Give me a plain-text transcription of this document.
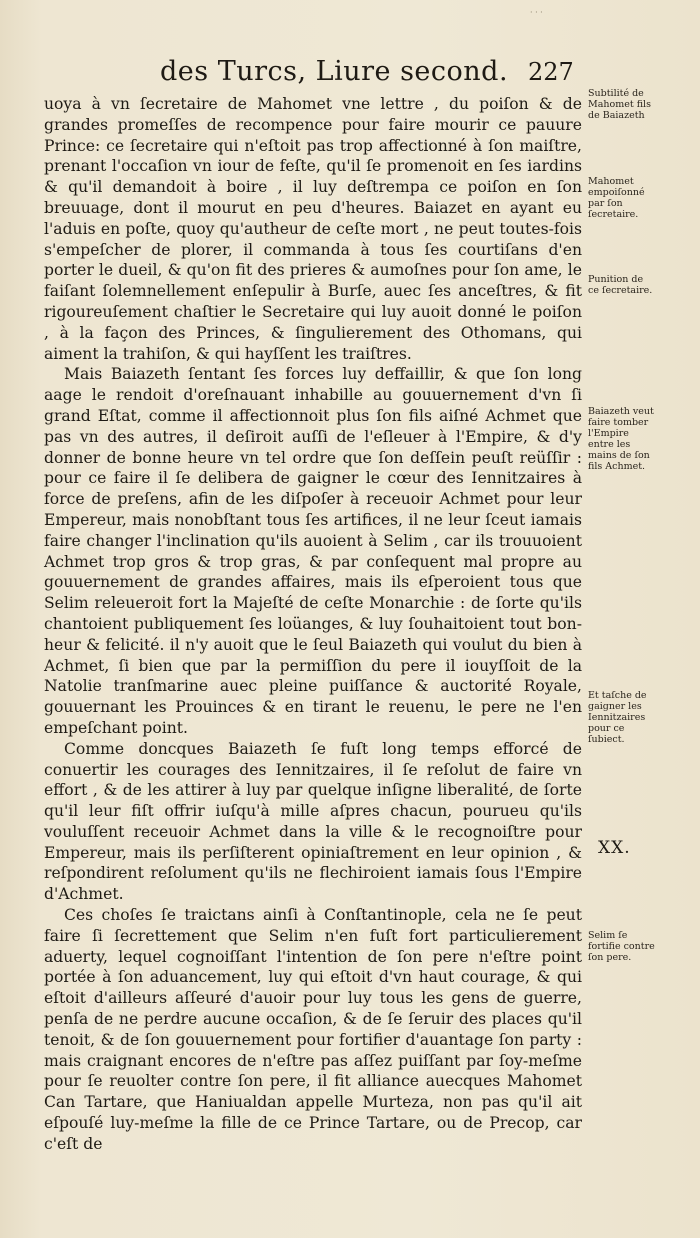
· · ·
des Turcs, Liure second. 227

uoya à vn ſecretaire de Mahomet vne lettre , du poiſon & de grandes promeſſes de recompence pour faire mourir ce pauure Prince: ce ſecretaire qui n'eſtoit pas trop affectionné à ſon maiſtre, prenant l'occaſion vn iour de feſte, qu'il ſe promenoit en ſes iardins & qu'il demandoit à boire , il luy deſtrempa ce poiſon en ſon breuuage, dont il mourut en peu d'heures. Baiazet en ayant eu l'aduis en poſte, quoy qu'autheur de ceſte mort , ne peut toutes-fois s'empeſcher de plorer, il commanda à tous ſes courtiſans d'en porter le dueil, & qu'on fit des prieres & aumoſnes pour ſon ame, le faiſant ſolemnellement enſepulir à Burſe, auec ſes anceſtres, & fit rigoureuſement chaſtier le Secretaire qui luy auoit donné le poiſon , à la façon des Princes, & ſingulierement des Othomans, qui aiment la trahiſon, & qui hayſſent les traiſtres.

Mais Baiazeth ſentant ſes forces luy deffaillir, & que ſon long aage le rendoit d'oreſnauant inhabille au gouuernement d'vn ſi grand Eſtat, comme il affectionnoit plus ſon fils aiſné Achmet que pas vn des autres, il deſiroit auſſi de l'eſleuer à l'Empire, & d'y donner de bonne heure vn tel ordre que ſon deſſein peuſt reüſſir : pour ce faire il ſe delibera de gaigner le cœur des Iennitzaires à force de preſens, afin de les diſpoſer à receuoir Achmet pour leur Empereur, mais nonobſtant tous ſes artifices, il ne leur ſceut iamais faire changer l'inclination qu'ils auoient à Selim , car ils trouuoient Achmet trop gros & trop gras, & par conſequent mal propre au gouuernement de grandes affaires, mais ils eſperoient tous que Selim releueroit fort la Majeſté de ceſte Monarchie : de ſorte qu'ils chantoient publiquement ſes loüanges, & luy ſouhaitoient tout bon-heur & felicité. il n'y auoit que le ſeul Baiazeth qui voulut du bien à Achmet, ſi bien que par la permiſſion du pere il iouyſſoit de la Natolie tranſmarine auec pleine puiſſance & auctorité Royale, gouuernant les Prouinces & en tirant le reuenu, le pere ne l'en empeſchant point.

Comme doncques Baiazeth ſe fuſt long temps efforcé de conuertir les courages des Iennitzaires, il ſe reſolut de faire vn effort , & de les attirer à luy par quelque inſigne liberalité, de ſorte qu'il leur fiſt offrir iuſqu'à mille aſpres chacun, pourueu qu'ils vouluſſent receuoir Achmet dans la ville & le recognoiſtre pour Empereur, mais ils perſiſterent opiniaſtrement en leur opinion , & reſpondirent reſolument qu'ils ne flechiroient iamais ſous l'Empire d'Achmet.

Ces choſes ſe traictans ainſi à Conſtantinople, cela ne ſe peut faire ſi ſecrettement que Selim n'en fuſt fort particulierement aduerty, lequel cognoiſſant l'intention de ſon pere n'eſtre point portée à ſon aduancement, luy qui eſtoit d'vn haut courage, & qui eſtoit d'ailleurs aſſeuré d'auoir pour luy tous les gens de guerre, penſa de ne perdre aucune occaſion, & de ſe ſeruir des places qu'il tenoit, & de ſon gouuernement pour fortifier d'auantage ſon party : mais craignant encores de n'eſtre pas aſſez puiſſant par ſoy-meſme pour ſe reuolter contre ſon pere, il fit alliance auecques Mahomet Can Tartare, que Haniualdan appelle Murteza, non pas qu'il ait eſpouſé luy-meſme la fille de ce Prince Tartare, ou de Precop, car c'eſt de

Subtilité de Mahomet fils de Baiazeth
Mahomet empoiſonné par ſon ſecretaire.
Punition de ce ſecretaire.
Baiazeth veut faire tomber l'Empire entre les mains de ſon fils Achmet.
Et taſche de gaigner les Iennitzaires pour ce ſubiect.
Selim ſe fortifie contre ſon pere.
XX.
